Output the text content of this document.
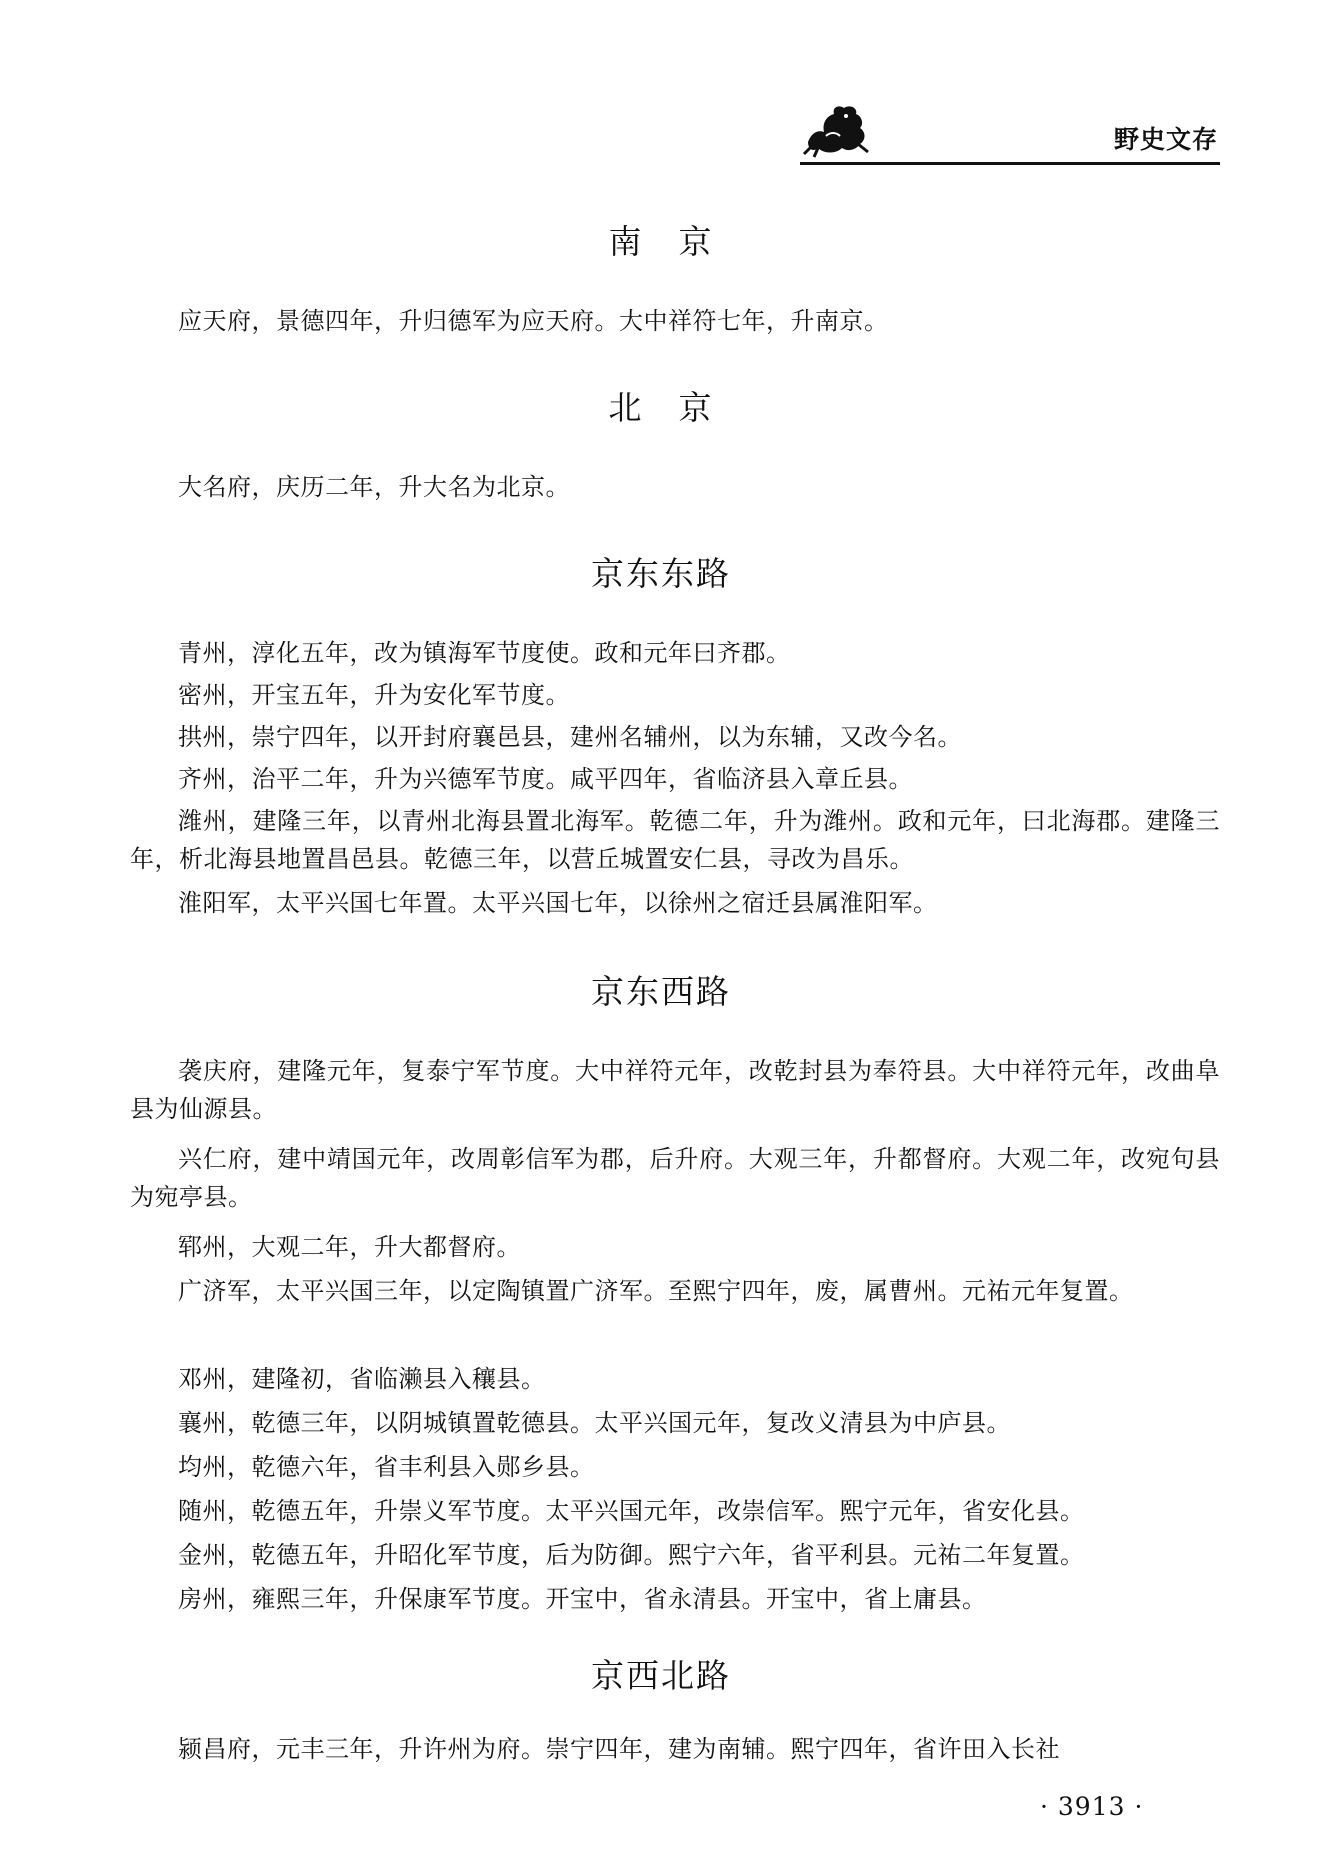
野史文存
南　京

应天府，景德四年，升归德军为应天府。大中祥符七年，升南京。

北　京

大名府，庆历二年，升大名为北京。

京东东路

青州，淳化五年，改为镇海军节度使。政和元年曰齐郡。

密州，开宝五年，升为安化军节度。

拱州，崇宁四年，以开封府襄邑县，建州名辅州，以为东辅，又改今名。

齐州，治平二年，升为兴德军节度。咸平四年，省临济县入章丘县。

潍州，建隆三年，以青州北海县置北海军。乾德二年，升为潍州。政和元年，曰北海郡。建隆三年，析北海县地置昌邑县。乾德三年，以营丘城置安仁县，寻改为昌乐。

淮阳军，太平兴国七年置。太平兴国七年，以徐州之宿迁县属淮阳军。

京东西路

袭庆府，建隆元年，复泰宁军节度。大中祥符元年，改乾封县为奉符县。大中祥符元年，改曲阜县为仙源县。

兴仁府，建中靖国元年，改周彰信军为郡，后升府。大观三年，升都督府。大观二年，改宛句县为宛亭县。

郓州，大观二年，升大都督府。

广济军，太平兴国三年，以定陶镇置广济军。至熙宁四年，废，属曹州。元祐元年复置。

邓州，建隆初，省临濑县入穰县。

襄州，乾德三年，以阴城镇置乾德县。太平兴国元年，复改义清县为中庐县。

均州，乾德六年，省丰利县入郧乡县。

随州，乾德五年，升崇义军节度。太平兴国元年，改崇信军。熙宁元年，省安化县。

金州，乾德五年，升昭化军节度，后为防御。熙宁六年，省平利县。元祐二年复置。

房州，雍熙三年，升保康军节度。开宝中，省永清县。开宝中，省上庸县。

京西北路

颍昌府，元丰三年，升许州为府。崇宁四年，建为南辅。熙宁四年，省许田入长社

· 3913 ·
